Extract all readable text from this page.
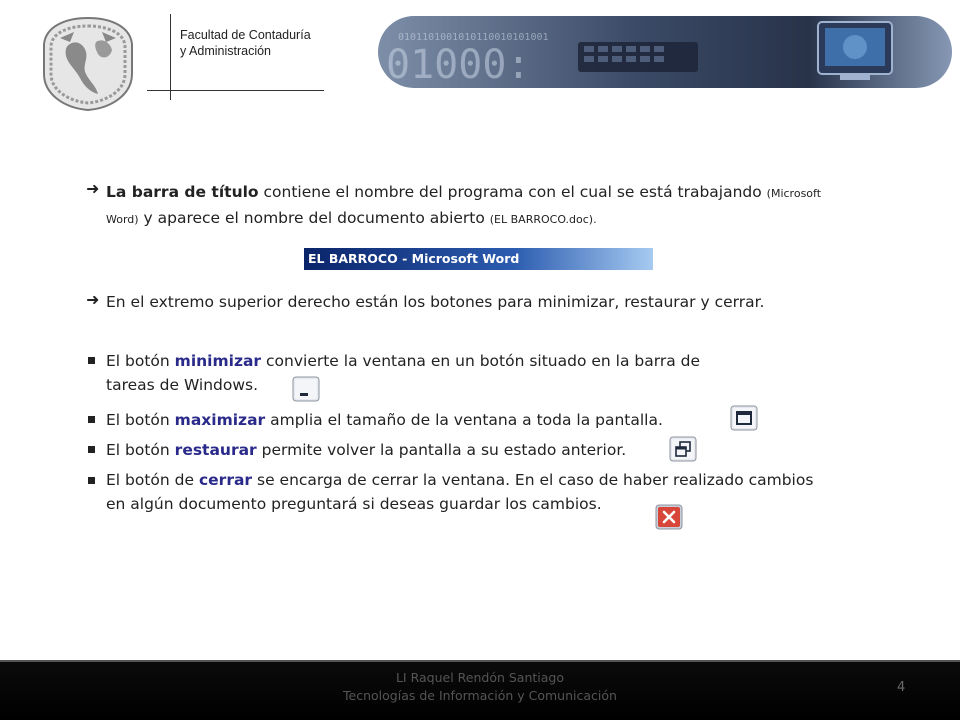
Facultad de Contaduría
y Administración	01000:
0101101001010110010101001
➜ La barra de título contiene el nombre del programa con el cual se está trabajando (Microsoft
Word) y aparece el nombre del documento abierto (EL BARROCO.doc).
EL BARROCO - Microsoft Word
➜ En el extremo superior derecho están los botones para minimizar, restaurar y cerrar.
El botón minimizar convierte la ventana en un botón situado en la barra de
tareas de Windows.
El botón maximizar amplia el tamaño de la ventana a toda la pantalla.
El botón restaurar permite volver la pantalla a su estado anterior.
El botón de cerrar se encarga de cerrar la ventana. En el caso de haber realizado cambios
en algún documento preguntará si deseas guardar los cambios.
LI Raquel Rendón Santiago
Tecnologías de Información y Comunicación
4
